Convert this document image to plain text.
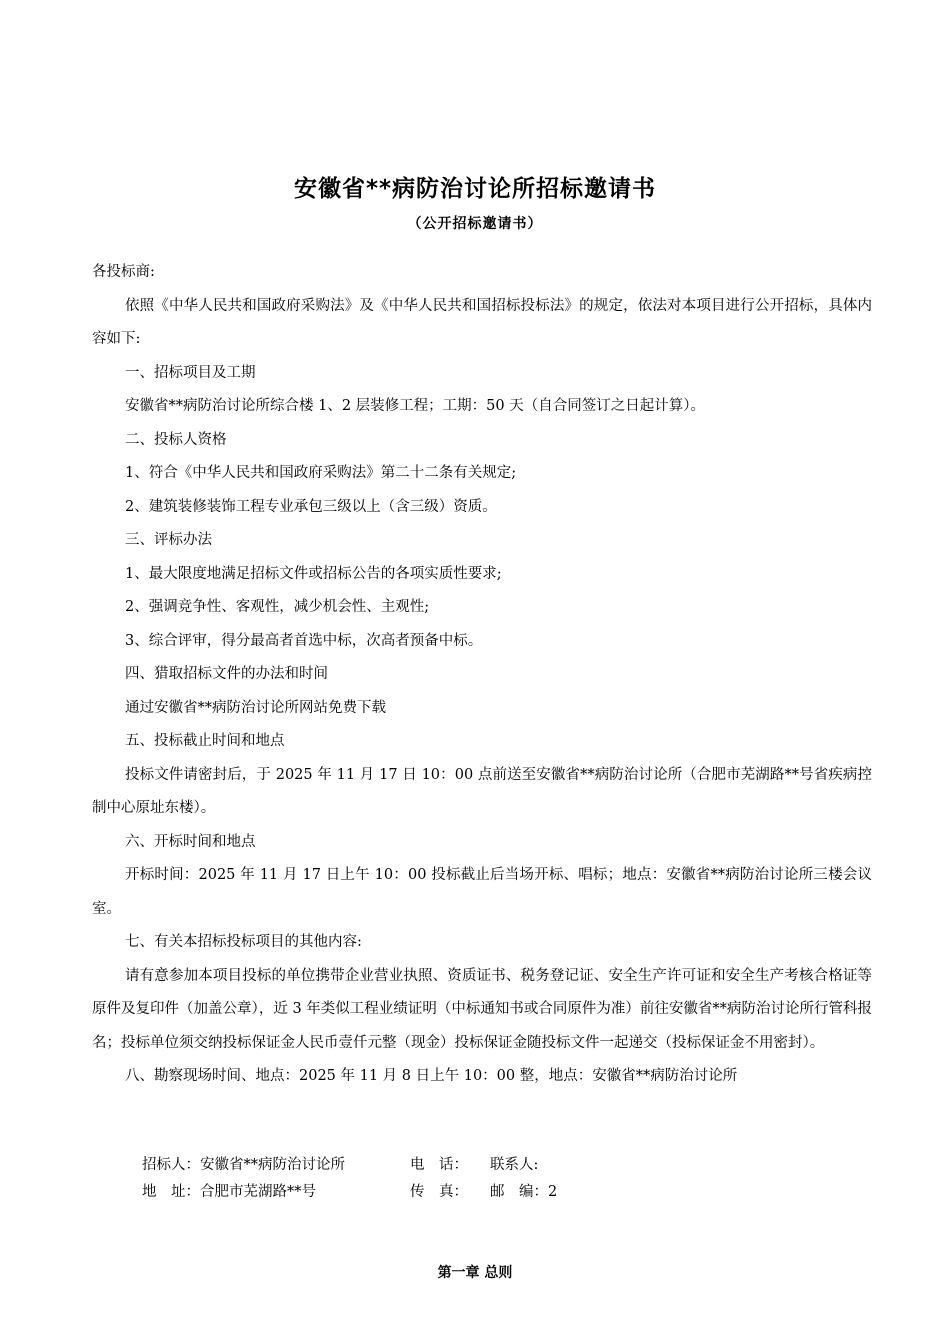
安徽省**病防治讨论所招标邀请书
（公开招标邀请书）

各投标商:

依照《中华人民共和国政府采购法》及《中华人民共和国招标投标法》的规定，依法对本项目进行公开招标，具体内容如下:

一、招标项目及工期

安徽省**病防治讨论所综合楼 1、2 层装修工程；工期：50 天（自合同签订之日起计算）。

二、投标人资格

1、符合《中华人民共和国政府采购法》第二十二条有关规定;

2、建筑装修装饰工程专业承包三级以上（含三级）资质。

三、评标办法

1、最大限度地满足招标文件或招标公告的各项实质性要求;

2、强调竞争性、客观性，减少机会性、主观性;

3、综合评审，得分最高者首选中标，次高者预备中标。

四、猎取招标文件的办法和时间

通过安徽省**病防治讨论所网站免费下载

五、投标截止时间和地点

投标文件请密封后，于 2025 年 11 月 17 日 10：00 点前送至安徽省**病防治讨论所（合肥市芜湖路**号省疾病控制中心原址东楼）。

六、开标时间和地点

开标时间：2025 年 11 月 17 日上午 10：00 投标截止后当场开标、唱标；地点：安徽省**病防治讨论所三楼会议室。

七、有关本招标投标项目的其他内容:

请有意参加本项目投标的单位携带企业营业执照、资质证书、税务登记证、安全生产许可证和安全生产考核合格证等原件及复印件（加盖公章），近 3 年类似工程业绩证明（中标通知书或合同原件为准）前往安徽省**病防治讨论所行管科报名；投标单位须交纳投标保证金人民币壹仟元整（现金）投标保证金随投标文件一起递交（投标保证金不用密封）。

八、勘察现场时间、地点：2025 年 11 月 8 日上午 10：00 整，地点：安徽省**病防治讨论所

招标人：安徽省**病防治讨论所	电　话：	联系人:
地　址：合肥市芜湖路**号	传　真：	邮　编：2
第一章 总则
